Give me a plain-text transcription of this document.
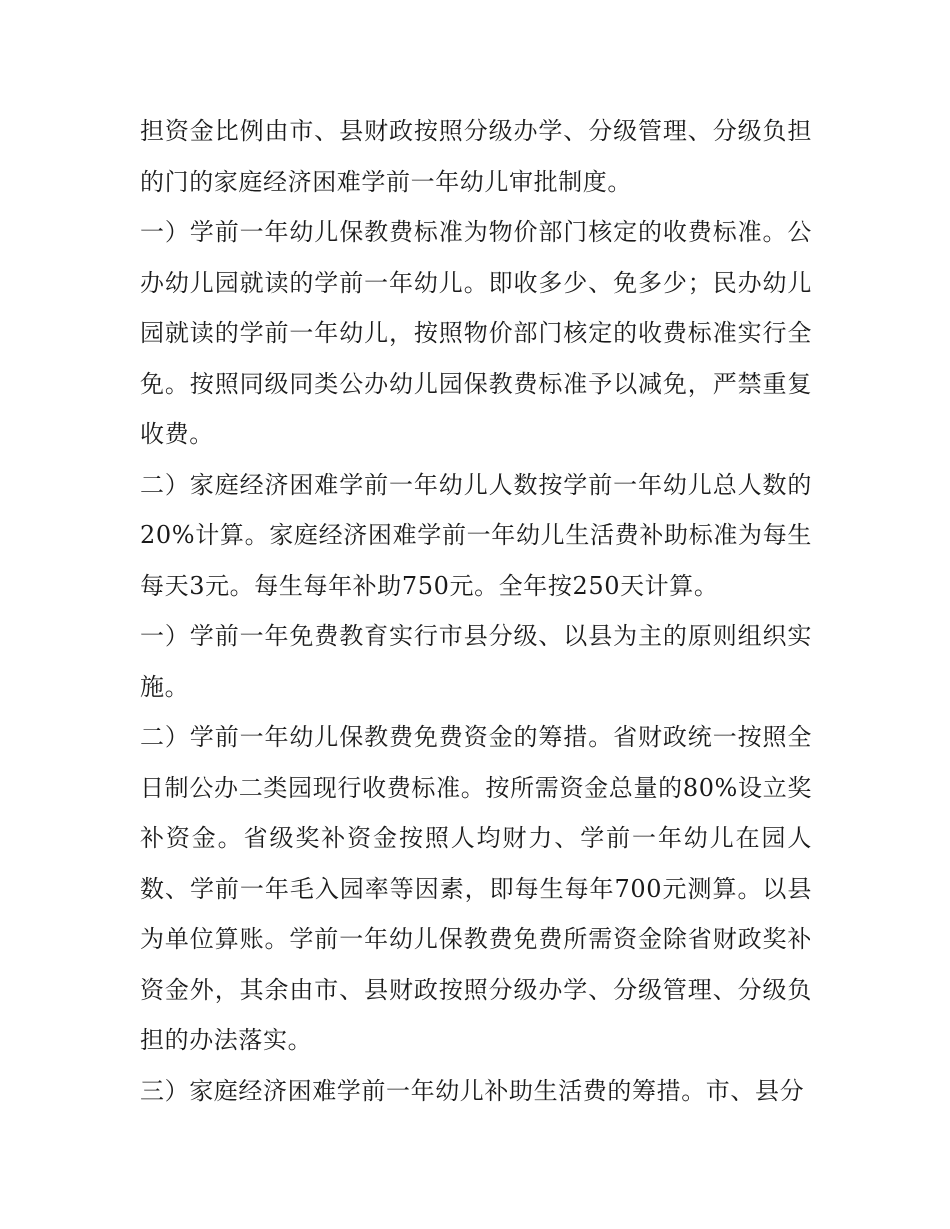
担资金比例由市、县财政按照分级办学、分级管理、分级负担的门的家庭经济困难学前一年幼儿审批制度。

一）学前一年幼儿保教费标准为物价部门核定的收费标准。公办幼儿园就读的学前一年幼儿。即收多少、免多少；民办幼儿园就读的学前一年幼儿，按照物价部门核定的收费标准实行全免。按照同级同类公办幼儿园保教费标准予以减免，严禁重复收费。

二）家庭经济困难学前一年幼儿人数按学前一年幼儿总人数的20%计算。家庭经济困难学前一年幼儿生活费补助标准为每生每天3元。每生每年补助750元。全年按250天计算。

一）学前一年免费教育实行市县分级、以县为主的原则组织实施。

二）学前一年幼儿保教费免费资金的筹措。省财政统一按照全日制公办二类园现行收费标准。按所需资金总量的80%设立奖补资金。省级奖补资金按照人均财力、学前一年幼儿在园人数、学前一年毛入园率等因素，即每生每年700元测算。以县为单位算账。学前一年幼儿保教费免费所需资金除省财政奖补资金外，其余由市、县财政按照分级办学、分级管理、分级负担的办法落实。

三）家庭经济困难学前一年幼儿补助生活费的筹措。市、县分
